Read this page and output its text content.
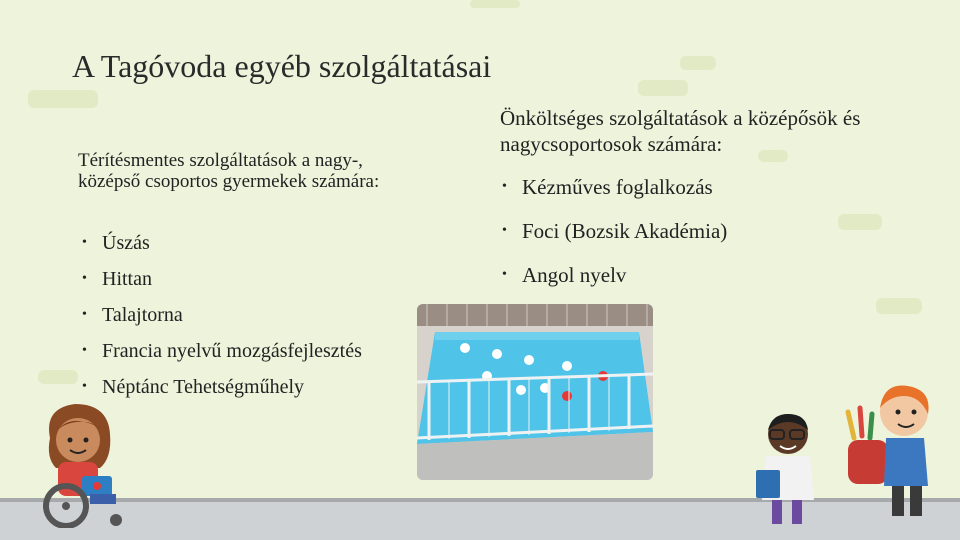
A Tagóvoda egyéb szolgáltatásai

Térítésmentes szolgáltatások a nagy-, középső csoportos gyermekek számára:

• Úszás
• Hittan
• Talajtorna
• Francia nyelvű mozgásfejlesztés
• Néptánc Tehetségműhely

Önköltséges szolgáltatások a középősök és nagycsoportosok számára:

• Kézműves foglalkozás
• Foci (Bozsik Akadémia)
• Angol nyelv
